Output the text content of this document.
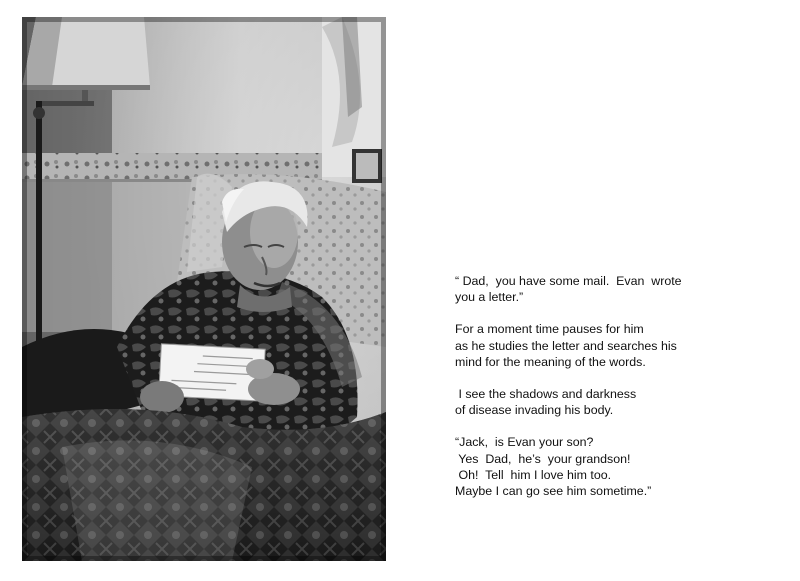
“ Dad,  you have some mail.  Evan  wrote
you a letter.”
For a moment time pauses for him
as he studies the letter and searches his
mind for the meaning of the words.
I see the shadows and darkness
of disease invading his body.
“Jack,  is Evan your son?
Yes  Dad,  he’s  your grandson!
Oh!  Tell  him I love him too.
Maybe I can go see him sometime.”
